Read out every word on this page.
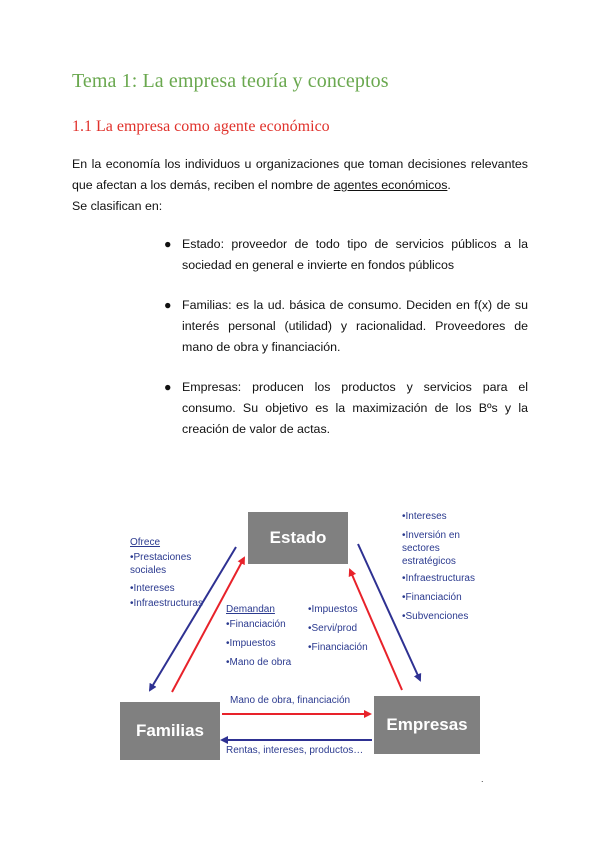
Tema 1: La empresa teoría y conceptos
1.1 La empresa como agente económico

En la economía los individuos u organizaciones que toman decisiones relevantes que afectan a los demás, reciben el nombre de agentes económicos.

Se clasifican en:

● Estado: proveedor de todo tipo de servicios públicos a la sociedad en general e invierte en fondos públicos
● Familias: es la ud. básica de consumo. Deciden en f(x) de su interés personal (utilidad) y racionalidad. Proveedores de mano de obra y financiación.
● Empresas: producen los productos y servicios para el consumo. Su objetivo es la maximización de los Bºs y la creación de valor de actas.
Estado
Familias	Empresas
Ofrece
•Prestaciones sociales
•Intereses
•Infraestructuras
Demandan
•Financiación
•Impuestos
•Mano de obra
•Impuestos
•Servi/prod
•Financiación
•Intereses
•Inversión en sectores estratégicos
•Infraestructuras
•Financiación
•Subvenciones
Mano de obra, financiación
Rentas, intereses, productos…
.
